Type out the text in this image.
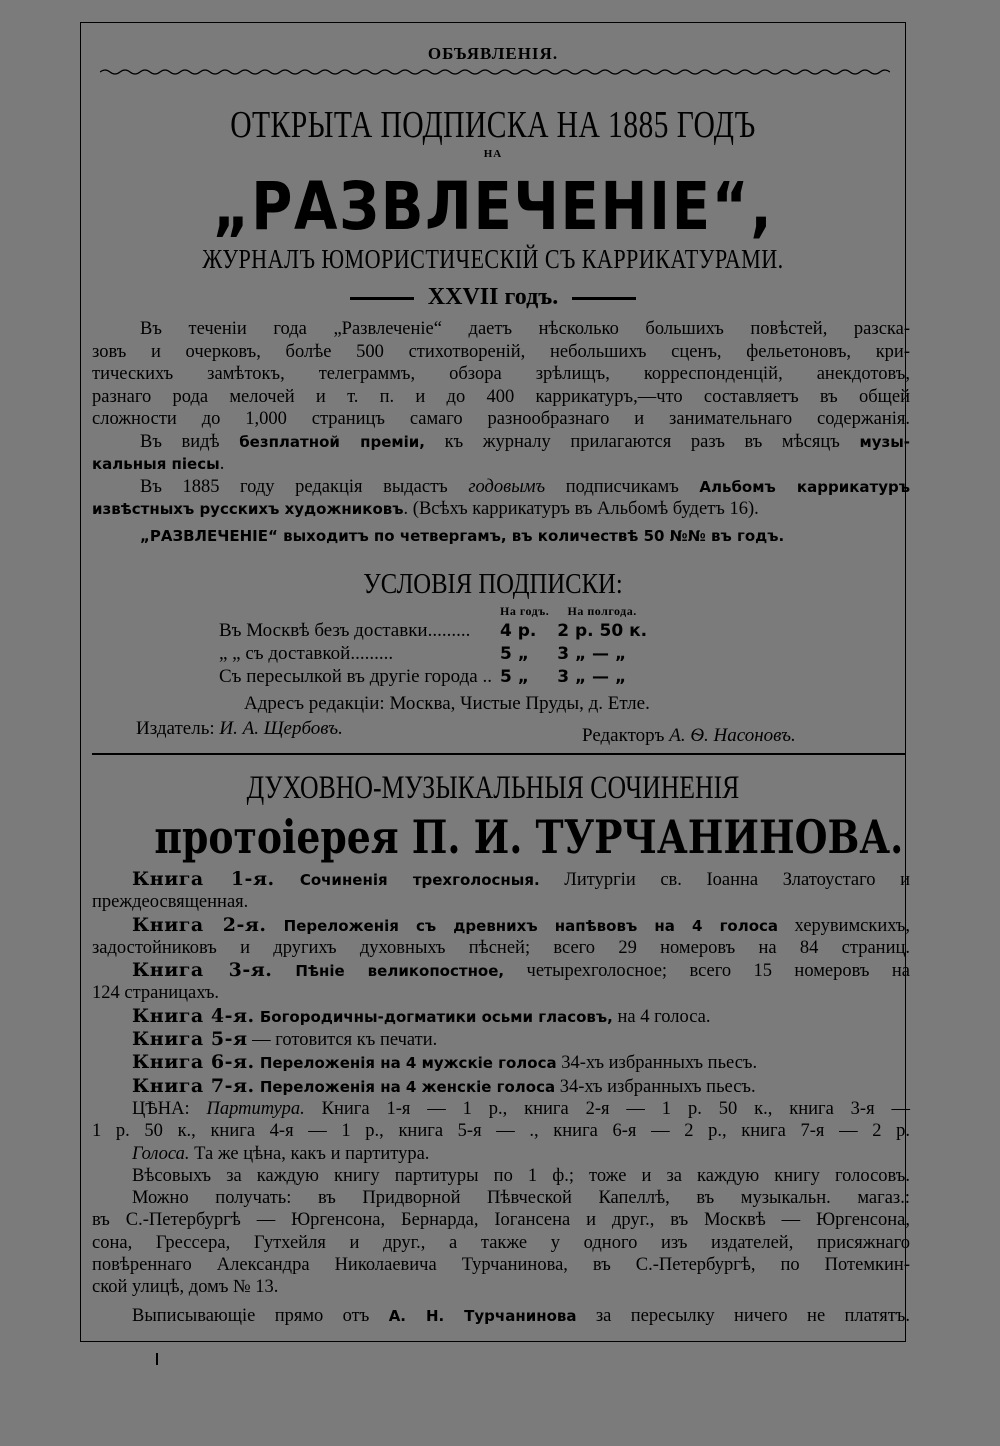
ОБЪЯВЛЕНІЯ.
ОТКРЫТА ПОДПИСКА НА 1885 ГОДЪ
НА
„РАЗВЛЕЧЕНІЕ“,
ЖУРНАЛЪ ЮМОРИСТИЧЕСКІЙ СЪ КАРРИКАТУРАМИ.
XXVII годъ.
Въ теченіи года „Развлеченіе“ даетъ нѣсколько большихъ повѣстей, разска-
зовъ и очерковъ, болѣе 500 стихотвореній, небольшихъ сценъ, фельетоновъ, кри-
тическихъ замѣтокъ, телеграммъ, обзора зрѣлищъ, корреспонденцій, анекдотовъ,
разнаго рода мелочей и т. п. и до 400 каррикатуръ,—что составляетъ въ общей
сложности до 1,000 страницъ самаго разнообразнаго и занимательнаго содержанія.
Въ видѣ безплатной преміи, къ журналу прилагаются разъ въ мѣсяцъ музы-
кальныя піесы.
Въ 1885 году редакція выдастъ годовымъ подписчикамъ Альбомъ каррикатуръ
извѣстныхъ русскихъ художниковъ. (Всѣхъ каррикатуръ въ Альбомѣ будетъ 16).
„РАЗВЛЕЧЕНІЕ“ выходитъ по четвергамъ, въ количествѣ 50 №№ въ годъ.
УСЛОВІЯ ПОДПИСКИ:
	На годъ.	На полгода.
Въ Москвѣ безъ доставки.........	4 р.	2 р. 50 к.
„ „ съ доставкой.........	5 „	3 „ — „
Съ пересылкой въ другіе города ..	5 „	3 „ — „
Адресъ редакціи: Москва, Чистые Пруды, д. Етле.
Издатель: И. А. Щербовъ.	Редакторъ А. Ѳ. Насоновъ.
ДУХОВНО-МУЗЫКАЛЬНЫЯ СОЧИНЕНІЯ
протоіерея П. И. ТУРЧАНИНОВА.
Книга 1-я. Сочиненія трехголосныя. Литургіи св. Іоанна Златоустаго и
преждеосвященная.
Книга 2-я. Переложенія съ древнихъ напѣвовъ на 4 голоса херувимскихъ,
задостойниковъ и другихъ духовныхъ пѣсней; всего 29 номеровъ на 84 страниц.
Книга 3-я. Пѣніе великопостное, четырехголосное; всего 15 номеровъ на
124 страницахъ.
Книга 4-я. Богородичны-догматики осьми гласовъ, на 4 голоса.
Книга 5-я — готовится къ печати.
Книга 6-я. Переложенія на 4 мужскіе голоса 34-хъ избранныхъ пьесъ.
Книга 7-я. Переложенія на 4 женскіе голоса 34-хъ избранныхъ пьесъ.
ЦѢНА: Партитура. Книга 1-я — 1 р., книга 2-я — 1 р. 50 к., книга 3-я —
1 р. 50 к., книга 4-я — 1 р., книга 5-я — ., книга 6-я — 2 р., книга 7-я — 2 р.
Голоса. Та же цѣна, какъ и партитура.
Вѣсовыхъ за каждую книгу партитуры по 1 ф.; тоже и за каждую книгу голосовъ.
Можно получать: въ Придворной Пѣвческой Капеллѣ, въ музыкальн. магаз.:
въ С.-Петербургѣ — Юргенсона, Бернарда, Іогансена и друг., въ Москвѣ — Юргенсона,
сона, Грессера, Гутхейля и друг., а также у одного изъ издателей, присяжнаго
повѣреннаго Александра Николаевича Турчанинова, въ С.-Петербургѣ, по Потемкин-
ской улицѣ, домъ № 13.
Выписывающіе прямо отъ А. Н. Турчанинова за пересылку ничего не платятъ.
